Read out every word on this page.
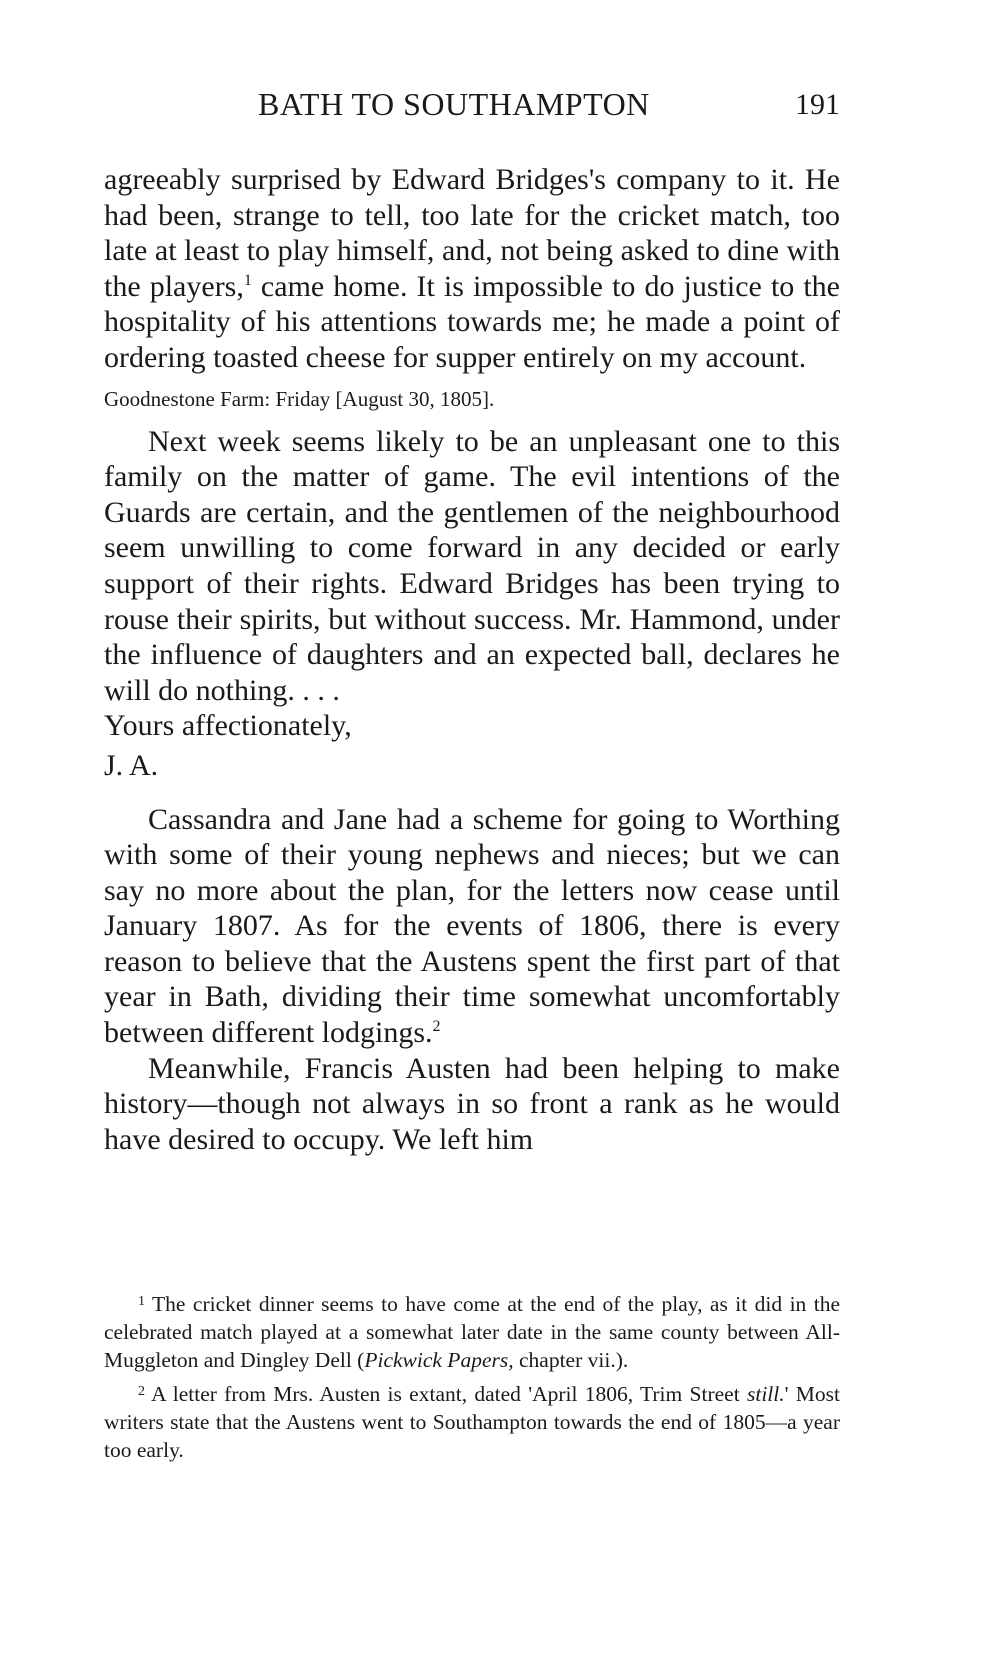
BATH TO SOUTHAMPTON	191

agreeably surprised by Edward Bridges's company to it. He had been, strange to tell, too late for the cricket match, too late at least to play himself, and, not being asked to dine with the players,$^1$ came home. It is impossible to do justice to the hospitality of his attentions towards me; he made a point of ordering toasted cheese for supper entirely on my account.

Goodnestone Farm: Friday [August 30, 1805].

Next week seems likely to be an unpleasant one to this family on the matter of game. The evil intentions of the Guards are certain, and the gentlemen of the neighbourhood seem unwilling to come forward in any decided or early support of their rights. Edward Bridges has been trying to rouse their spirits, but without success. Mr. Hammond, under the influence of daughters and an expected ball, declares he will do nothing. . . .

Yours affectionately,

J. A.

Cassandra and Jane had a scheme for going to Worthing with some of their young nephews and nieces; but we can say no more about the plan, for the letters now cease until January 1807. As for the events of 1806, there is every reason to believe that the Austens spent the first part of that year in Bath, dividing their time somewhat uncomfortably between different lodgings.$^2$

Meanwhile, Francis Austen had been helping to make history—though not always in so front a rank as he would have desired to occupy. We left him

$^1$ The cricket dinner seems to have come at the end of the play, as it did in the celebrated match played at a somewhat later date in the same county between All-Muggleton and Dingley Dell (Pickwick Papers, chapter vii.).

$^2$ A letter from Mrs. Austen is extant, dated 'April 1806, Trim Street still.' Most writers state that the Austens went to Southampton towards the end of 1805—a year too early.
